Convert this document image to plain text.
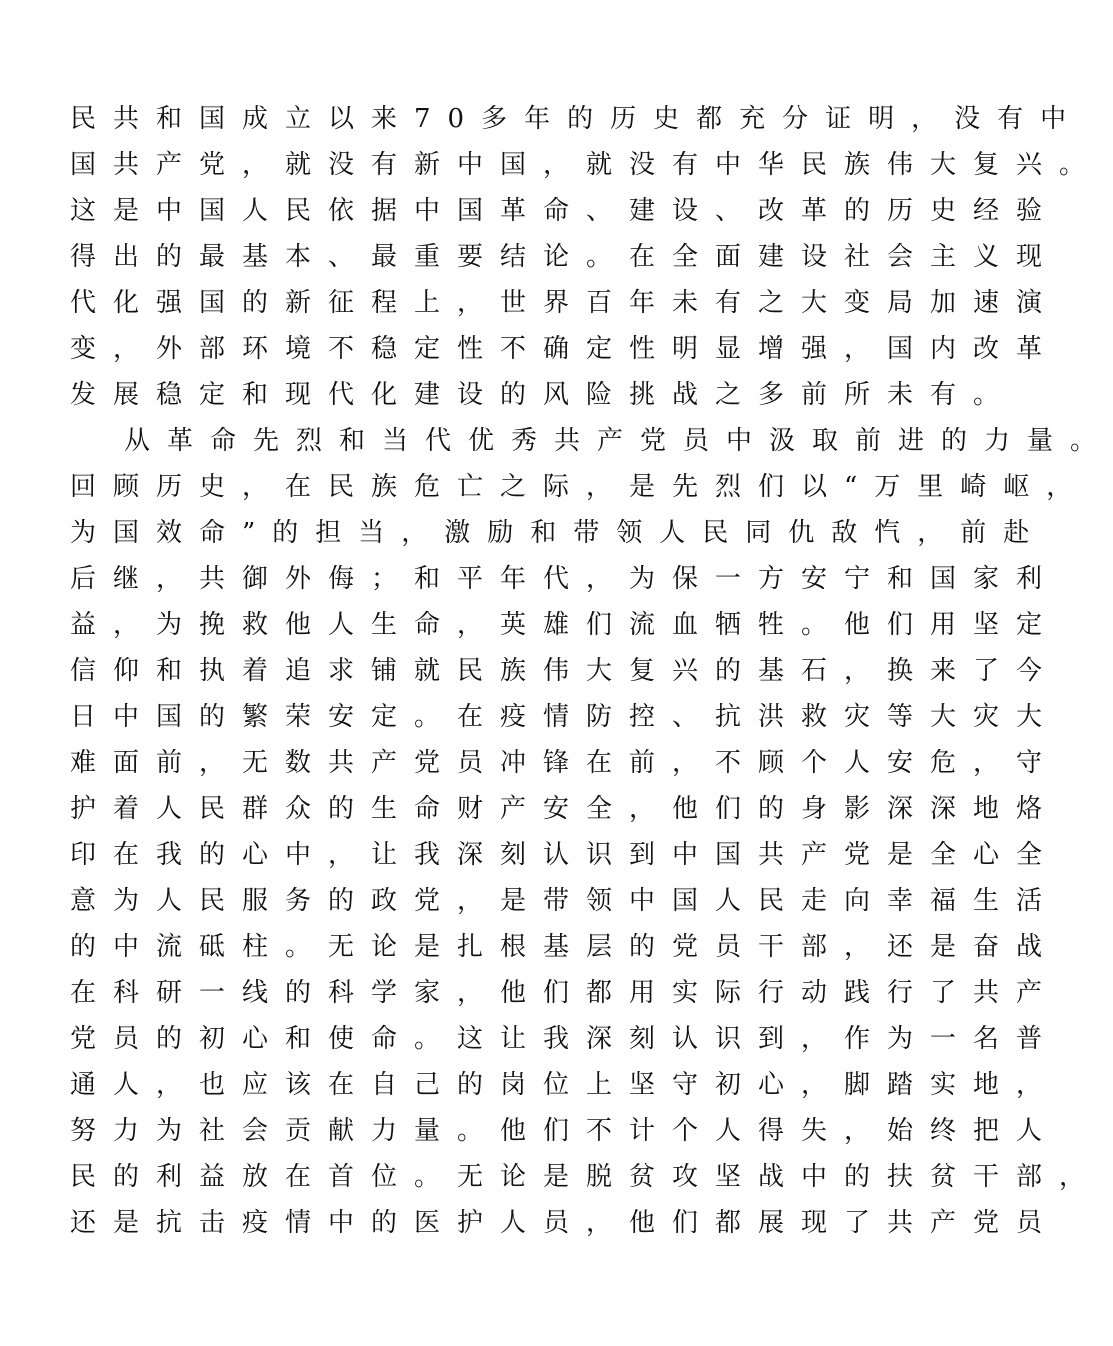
民共和国成立以来70多年的历史都充分证明，没有中
国共产党，就没有新中国，就没有中华民族伟大复兴。
这是中国人民依据中国革命、建设、改革的历史经验
得出的最基本、最重要结论。在全面建设社会主义现
代化强国的新征程上，世界百年未有之大变局加速演
变，外部环境不稳定性不确定性明显增强，国内改革
发展稳定和现代化建设的风险挑战之多前所未有。
从革命先烈和当代优秀共产党员中汲取前进的力量。
回顾历史，在民族危亡之际，是先烈们以“万里崎岖，
为国效命”的担当，激励和带领人民同仇敌忾，前赴
后继，共御外侮；和平年代，为保一方安宁和国家利
益，为挽救他人生命，英雄们流血牺牲。他们用坚定
信仰和执着追求铺就民族伟大复兴的基石，换来了今
日中国的繁荣安定。在疫情防控、抗洪救灾等大灾大
难面前，无数共产党员冲锋在前，不顾个人安危，守
护着人民群众的生命财产安全，他们的身影深深地烙
印在我的心中，让我深刻认识到中国共产党是全心全
意为人民服务的政党，是带领中国人民走向幸福生活
的中流砥柱。无论是扎根基层的党员干部，还是奋战
在科研一线的科学家，他们都用实际行动践行了共产
党员的初心和使命。这让我深刻认识到，作为一名普
通人，也应该在自己的岗位上坚守初心，脚踏实地，
努力为社会贡献力量。他们不计个人得失，始终把人
民的利益放在首位。无论是脱贫攻坚战中的扶贫干部，
还是抗击疫情中的医护人员，他们都展现了共产党员
